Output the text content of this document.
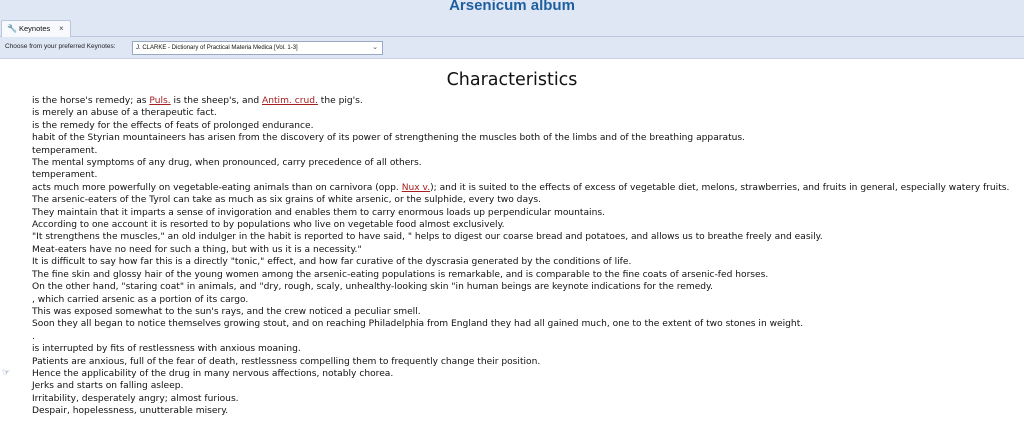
Arsenicum album
🔧 Keynotes ×
Choose from your preferred Keynotes:	J. CLARKE - Dictionary of Practical Materia Medica [Vol. 1-3]	⌄
Characteristics
☞
is the horse's remedy; as Puls. is the sheep's, and Antim. crud. the pig's.
is merely an abuse of a therapeutic fact.
is the remedy for the effects of feats of prolonged endurance.
habit of the Styrian mountaineers has arisen from the discovery of its power of strengthening the muscles both of the limbs and of the breathing apparatus.
temperament.
The mental symptoms of any drug, when pronounced, carry precedence of all others.
temperament.
acts much more powerfully on vegetable-eating animals than on carnivora (opp. Nux v.); and it is suited to the effects of excess of vegetable diet, melons, strawberries, and fruits in general, especially watery fruits.
The arsenic-eaters of the Tyrol can take as much as six grains of white arsenic, or the sulphide, every two days.
They maintain that it imparts a sense of invigoration and enables them to carry enormous loads up perpendicular mountains.
According to one account it is resorted to by populations who live on vegetable food almost exclusively.
"It strengthens the muscles," an old indulger in the habit is reported to have said, " helps to digest our coarse bread and potatoes, and allows us to breathe freely and easily.
Meat-eaters have no need for such a thing, but with us it is a necessity."
It is difficult to say how far this is a directly "tonic," effect, and how far curative of the dyscrasia generated by the conditions of life.
The fine skin and glossy hair of the young women among the arsenic-eating populations is remarkable, and is comparable to the fine coats of arsenic-fed horses.
On the other hand, "staring coat" in animals, and "dry, rough, scaly, unhealthy-looking skin "in human beings are keynote indications for the remedy.
, which carried arsenic as a portion of its cargo.
This was exposed somewhat to the sun's rays, and the crew noticed a peculiar smell.
Soon they all began to notice themselves growing stout, and on reaching Philadelphia from England they had all gained much, one to the extent of two stones in weight.
.
is interrupted by fits of restlessness with anxious moaning.
Patients are anxious, full of the fear of death, restlessness compelling them to frequently change their position.
Hence the applicability of the drug in many nervous affections, notably chorea.
Jerks and starts on falling asleep.
Irritability, desperately angry; almost furious.
Despair, hopelessness, unutterable misery.
